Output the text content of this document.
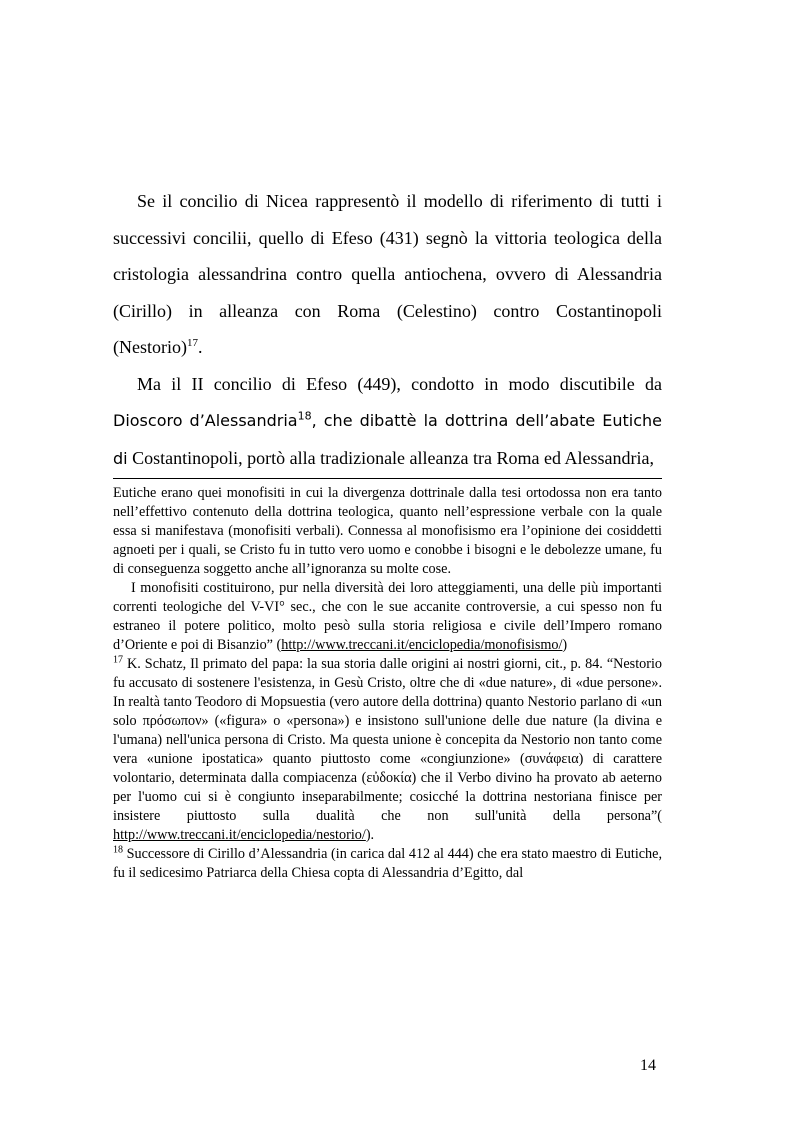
Se il concilio di Nicea rappresentò il modello di riferimento di tutti i successivi concilii, quello di Efeso (431) segnò la vittoria teologica della cristologia alessandrina contro quella antiochena, ovvero di Alessandria (Cirillo) in alleanza con Roma (Celestino) contro Costantinopoli (Nestorio)$^{17}$.

Ma il II concilio di Efeso (449), condotto in modo discutibile da Dioscoro d’Alessandria$^{18}$, che dibattè la dottrina dell’abate Eutiche di Costantinopoli, portò alla tradizionale alleanza tra Roma ed Alessandria,

Eutiche erano quei monofisiti in cui la divergenza dottrinale dalla tesi ortodossa non era tanto nell’effettivo contenuto della dottrina teologica, quanto nell’espressione verbale con la quale essa si manifestava (monofisiti verbali). Connessa al monofisismo era l’opinione dei cosiddetti agnoeti per i quali, se Cristo fu in tutto vero uomo e conobbe i bisogni e le debolezze umane, fu di conseguenza soggetto anche all’ignoranza su molte cose.

I monofisiti costituirono, pur nella diversità dei loro atteggiamenti, una delle più importanti correnti teologiche del V-VI° sec., che con le sue accanite controversie, a cui spesso non fu estraneo il potere politico, molto pesò sulla storia religiosa e civile dell’Impero romano d’Oriente e poi di Bisanzio” (http://www.treccani.it/enciclopedia/monofisismo/)

$^{17}$ K. Schatz, Il primato del papa: la sua storia dalle origini ai nostri giorni, cit., p. 84. “Nestorio fu accusato di sostenere l'esistenza, in Gesù Cristo, oltre che di «due nature», di «due persone». In realtà tanto Teodoro di Mopsuestia (vero autore della dottrina) quanto Nestorio parlano di «un solo πρόσωπον» («figura» o «persona») e insistono sull'unione delle due nature (la divina e l'umana) nell'unica persona di Cristo. Ma questa unione è concepita da Nestorio non tanto come vera «unione ipostatica» quanto piuttosto come «congiunzione» (συνάφεια) di carattere volontario, determinata dalla compiacenza (εὐδοκία) che il Verbo divino ha provato ab aeterno per l'uomo cui si è congiunto inseparabilmente; cosicché la dottrina nestoriana finisce per insistere piuttosto sulla dualità che non sull'unità della persona”( http://www.treccani.it/enciclopedia/nestorio/).

$^{18}$ Successore di Cirillo d’Alessandria (in carica dal 412 al 444) che era stato maestro di Eutiche, fu il sedicesimo Patriarca della Chiesa copta di Alessandria d’Egitto, dal

14
